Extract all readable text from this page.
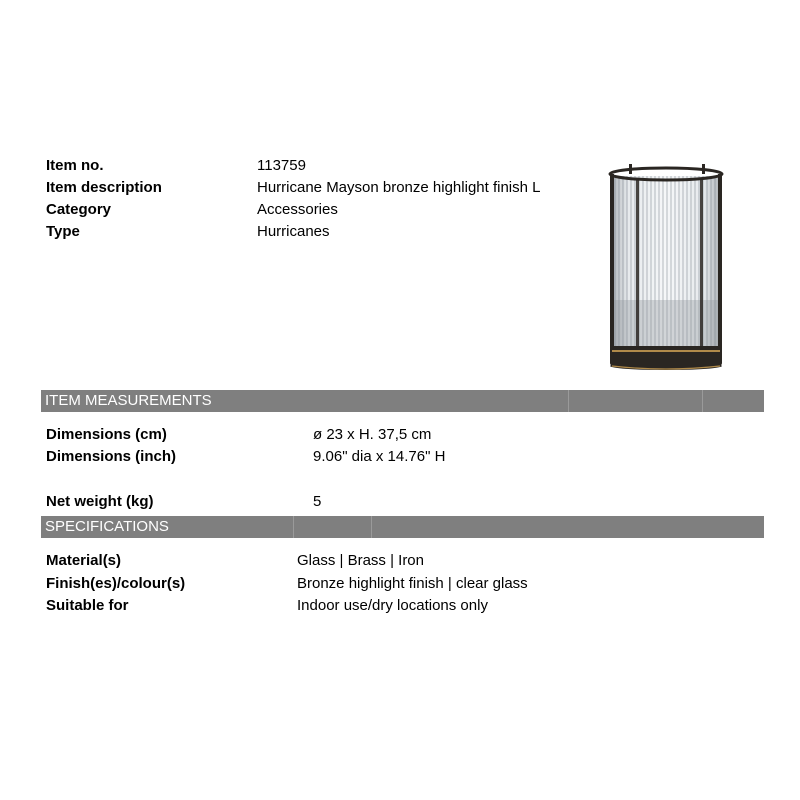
Item no.	113759
Item description	Hurricane Mayson bronze highlight finish L
Category	Accessories
Type	Hurricanes
ITEM MEASUREMENTS
Dimensions (cm)	ø 23 x H. 37,5 cm
Dimensions (inch)	9.06" dia x 14.76" H
Net weight (kg)	5
SPECIFICATIONS
Material(s)	Glass | Brass | Iron
Finish(es)/colour(s)	Bronze highlight finish | clear glass
Suitable for	Indoor use/dry locations only
